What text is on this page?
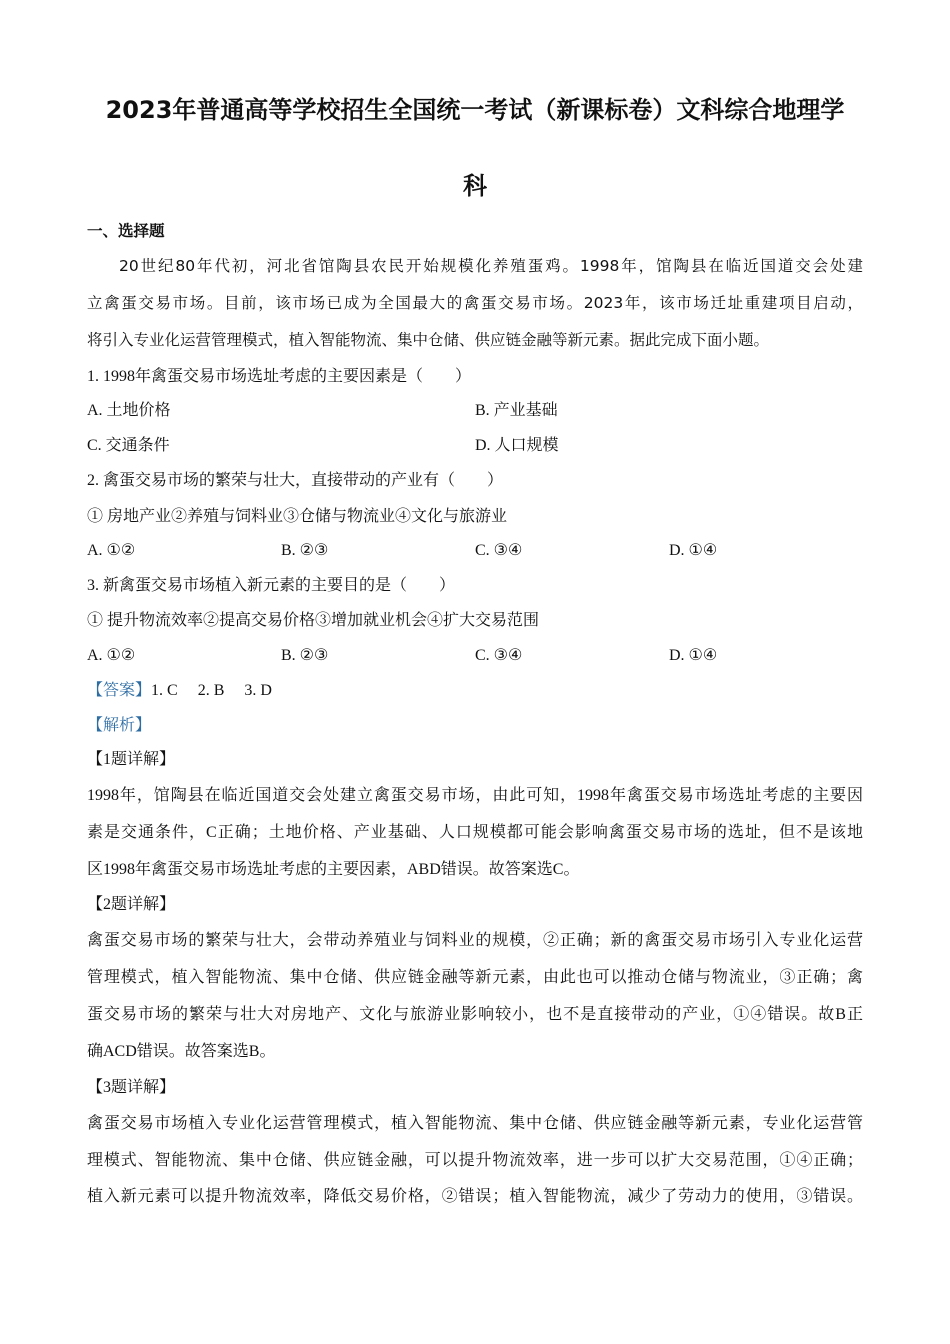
2023年普通高等学校招生全国统一考试（新课标卷）文科综合地理学
科
一、选择题
20世纪80年代初，河北省馆陶县农民开始规模化养殖蛋鸡。1998年，馆陶县在临近国道交会处建
立禽蛋交易市场。目前，该市场已成为全国最大的禽蛋交易市场。2023年，该市场迁址重建项目启动，
将引入专业化运营管理模式，植入智能物流、集中仓储、供应链金融等新元素。据此完成下面小题。
1. 1998年禽蛋交易市场选址考虑的主要因素是（　　）
A. 土地价格	B. 产业基础
C. 交通条件	D. 人口规模
2. 禽蛋交易市场的繁荣与壮大，直接带动的产业有（　　）
① 房地产业②养殖与饲料业③仓储与物流业④文化与旅游业
A. ①②	B. ②③	C. ③④	D. ①④
3. 新禽蛋交易市场植入新元素的主要目的是（　　）
① 提升物流效率②提高交易价格③增加就业机会④扩大交易范围
A. ①②	B. ②③	C. ③④	D. ①④
【答案】1. C　 2. B　 3. D
【解析】
【1题详解】
1998年，馆陶县在临近国道交会处建立禽蛋交易市场，由此可知，1998年禽蛋交易市场选址考虑的主要因
素是交通条件，C正确；土地价格、产业基础、人口规模都可能会影响禽蛋交易市场的选址，但不是该地
区1998年禽蛋交易市场选址考虑的主要因素，ABD错误。故答案选C。
【2题详解】
禽蛋交易市场的繁荣与壮大，会带动养殖业与饲料业的规模，②正确；新的禽蛋交易市场引入专业化运营
管理模式，植入智能物流、集中仓储、供应链金融等新元素，由此也可以推动仓储与物流业，③正确；禽
蛋交易市场的繁荣与壮大对房地产、文化与旅游业影响较小，也不是直接带动的产业，①④错误。故B正
确ACD错误。故答案选B。
【3题详解】
禽蛋交易市场植入专业化运营管理模式，植入智能物流、集中仓储、供应链金融等新元素，专业化运营管
理模式、智能物流、集中仓储、供应链金融，可以提升物流效率，进一步可以扩大交易范围，①④正确；
植入新元素可以提升物流效率，降低交易价格，②错误；植入智能物流，减少了劳动力的使用，③错误。
